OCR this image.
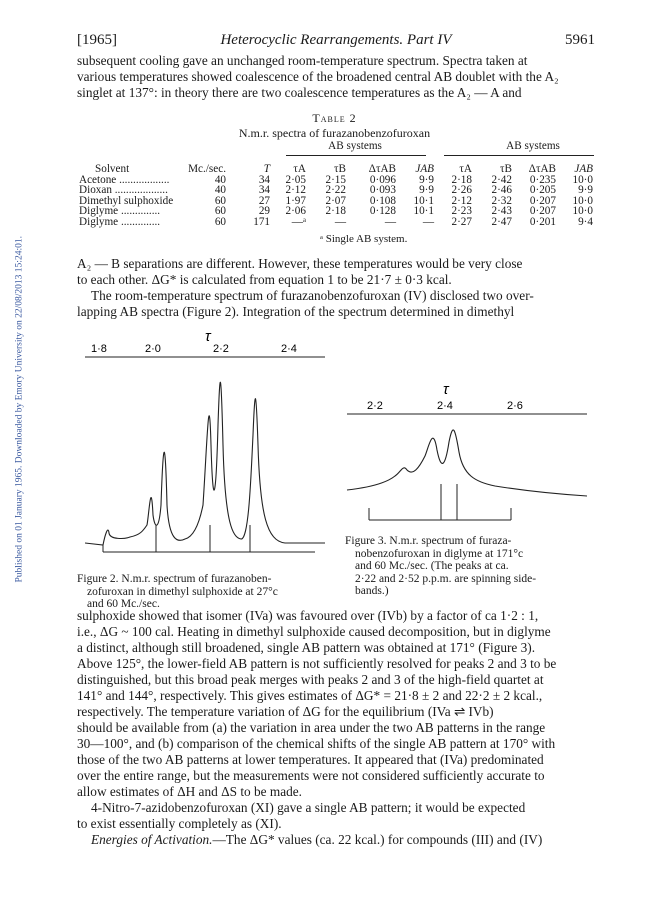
Published on 01 January 1965. Downloaded by Emory University on 22/08/2013 15:24:01.
[1965]	Heterocyclic Rearrangements. Part IV	5961

subsequent cooling gave an unchanged room-temperature spectrum. Spectra taken at

various temperatures showed coalescence of the broadened central AB doublet with the A₂

singlet at 137°: in theory there are two coalescence temperatures as the A₂ — A and

Table 2
N.m.r. spectra of furazanobenzofuroxan
AB systems	AB systems
Solvent	Mc./sec.	T	τA	τB	ΔτAB	JAB	τA	τB	ΔτAB	JAB
Acetone ..................	40	34	2·05	2·15	0·096	9·9	2·18	2·42	0·235	10·0
Dioxan ...................	40	34	2·12	2·22	0·093	9·9	2·26	2·46	0·205	9·9
Dimethyl sulphoxide	60	27	1·97	2·07	0·108	10·1	2·12	2·32	0·207	10·0
Diglyme ..............	60	29	2·06	2·18	0·128	10·1	2·23	2·43	0·207	10·0
Diglyme ..............	60	171	—ᵃ	—	—	—	2·27	2·47	0·201	9·4
ᵃ Single AB system.

A₂ — B separations are different. However, these temperatures would be very close

to each other. ΔG* is calculated from equation 1 to be 21·7 ± 0·3 kcal.

The room-temperature spectrum of furazanobenzofuroxan (IV) disclosed two over-

lapping AB spectra (Figure 2). Integration of the spectrum determined in dimethyl

τ
1·8	2·0	2·2	2·4
Figure 2. N.m.r. spectrum of furazanoben-
zofuroxan in dimethyl sulphoxide at 27°c
and 60 Mc./sec.
τ
2·2	2·4	2·6
Figure 3. N.m.r. spectrum of furaza-
nobenzofuroxan in diglyme at 171°c
and 60 Mc./sec. (The peaks at ca.
2·22 and 2·52 p.p.m. are spinning side-
bands.)

sulphoxide showed that isomer (IVa) was favoured over (IVb) by a factor of ca 1·2 : 1,

i.e., ΔG ~ 100 cal. Heating in dimethyl sulphoxide caused decomposition, but in diglyme

a distinct, although still broadened, single AB pattern was obtained at 171° (Figure 3).

Above 125°, the lower-field AB pattern is not sufficiently resolved for peaks 2 and 3 to be

distinguished, but this broad peak merges with peaks 2 and 3 of the high-field quartet at

141° and 144°, respectively. This gives estimates of ΔG* = 21·8 ± 2 and 22·2 ± 2 kcal.,

respectively. The temperature variation of ΔG for the equilibrium (IVa ⇌ IVb)

should be available from (a) the variation in area under the two AB patterns in the range

30—100°, and (b) comparison of the chemical shifts of the single AB pattern at 170° with

those of the two AB patterns at lower temperatures. It appeared that (IVa) predominated

over the entire range, but the measurements were not considered sufficiently accurate to

allow estimates of ΔH and ΔS to be made.

4-Nitro-7-azidobenzofuroxan (XI) gave a single AB pattern; it would be expected

to exist essentially completely as (XI).

Energies of Activation.—The ΔG* values (ca. 22 kcal.) for compounds (III) and (IV)
